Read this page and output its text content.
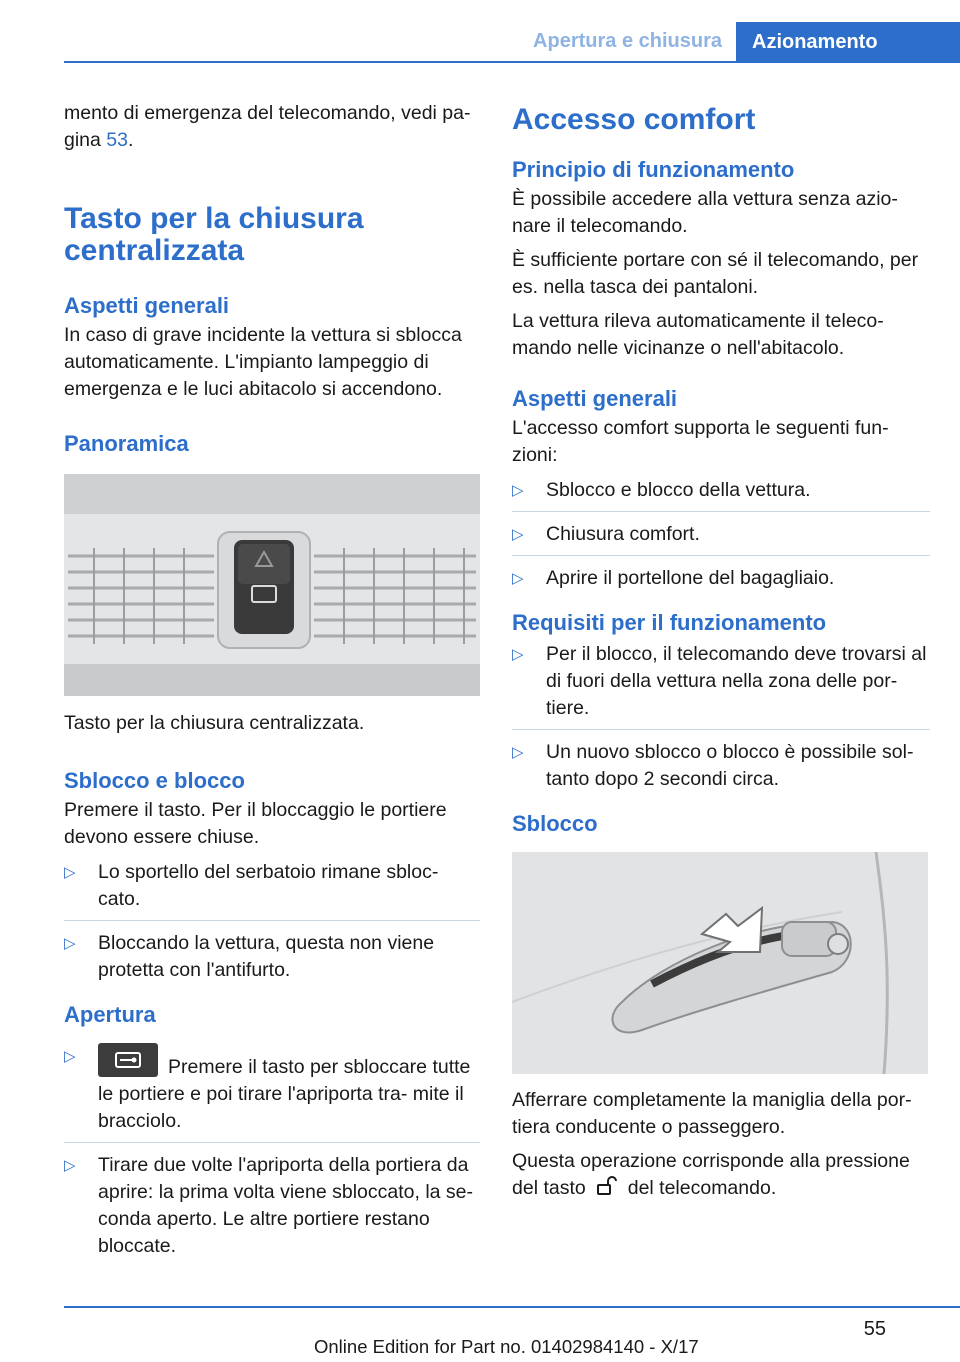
Apertura e chiusura	Azionamento

mento di emergenza del telecomando, vedi pa‐
gina 53.

Tasto per la chiusura
centralizzata
Aspetti generali

In caso di grave incidente la vettura si sblocca automaticamente. L'impianto lampeggio di emergenza e le luci abitacolo si accendono.

Panoramica

Tasto per la chiusura centralizzata.

Sblocco e blocco

Premere il tasto. Per il bloccaggio le portiere devono essere chiuse.

▷ Lo sportello del serbatoio rimane sbloc‐ cato.
▷ Bloccando la vettura, questa non viene protetta con l'antifurto.
Apertura
▷	Premere il tasto per sbloccare tutte le portiere e poi tirare l'apriporta tra‐ mite il bracciolo.
▷ Tirare due volte l'apriporta della portiera da aprire: la prima volta viene sbloccato, la se‐ conda aperto. Le altre portiere restano bloccate.
Accesso comfort
Principio di funzionamento

È possibile accedere alla vettura senza azio‐ nare il telecomando.

È sufficiente portare con sé il telecomando, per es. nella tasca dei pantaloni.

La vettura rileva automaticamente il teleco‐ mando nelle vicinanze o nell'abitacolo.

Aspetti generali

L'accesso comfort supporta le seguenti fun‐ zioni:

▷ Sblocco e blocco della vettura.
▷ Chiusura comfort.
▷ Aprire il portellone del bagagliaio.
Requisiti per il funzionamento
▷ Per il blocco, il telecomando deve trovarsi al di fuori della vettura nella zona delle por‐ tiere.
▷ Un nuovo sblocco o blocco è possibile sol‐ tanto dopo 2 secondi circa.
Sblocco

Afferrare completamente la maniglia della por‐ tiera conducente o passeggero.

Questa operazione corrisponde alla pressione del tasto del telecomando.

55
Online Edition for Part no. 01402984140 - X/17
